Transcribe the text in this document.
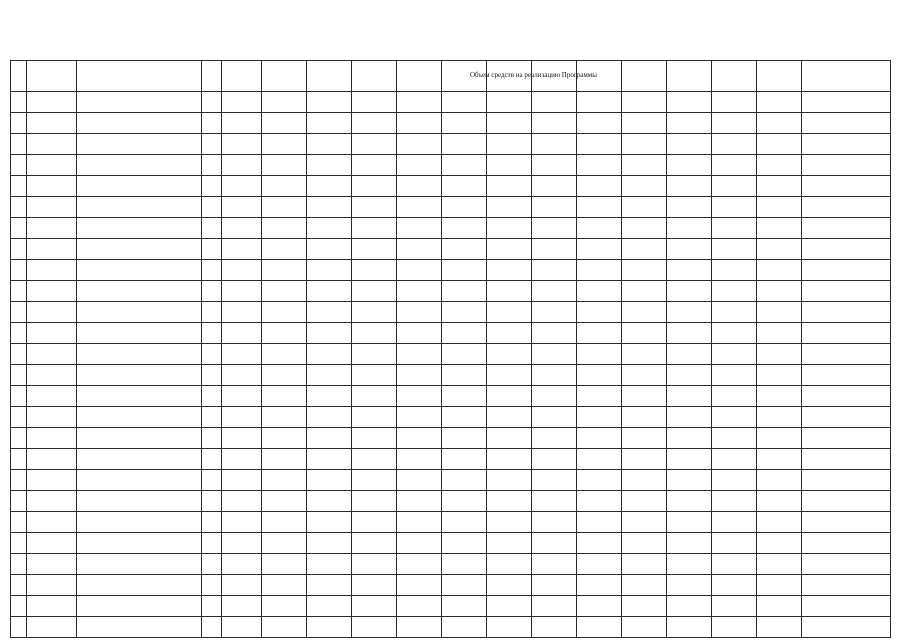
Объем средств на реализацию Программы
